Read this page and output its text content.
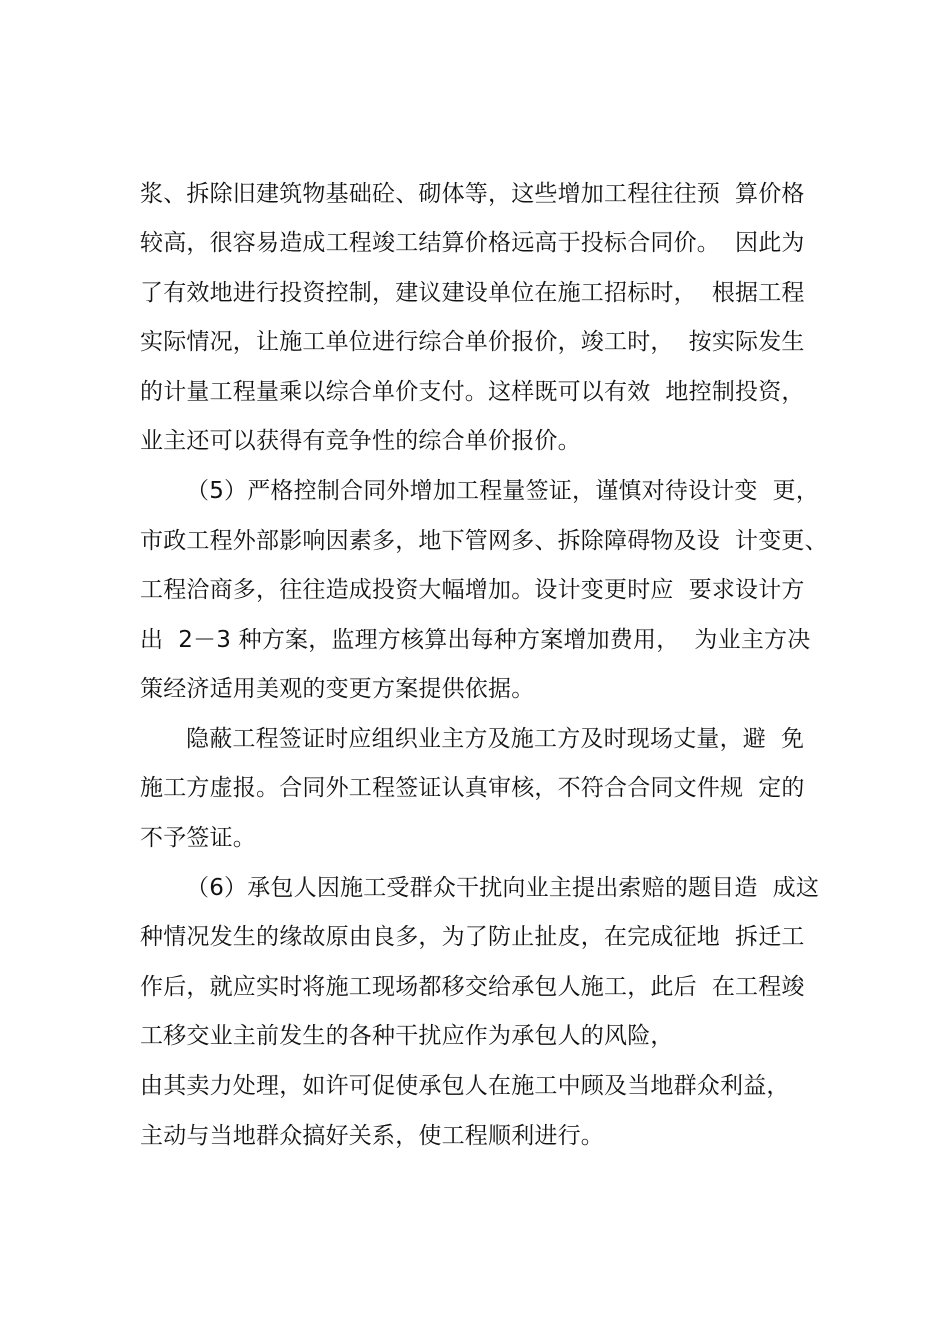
浆、拆除旧建筑物基础砼、砌体等，这些增加工程往往预  算价格
较高，很容易造成工程竣工结算价格远高于投标合同价。  因此为
了有效地进行投资控制，建议建设单位在施工招标时，  根据工程
实际情况，让施工单位进行综合单价报价，竣工时，  按实际发生
的计量工程量乘以综合单价支付。这样既可以有效  地控制投资，
业主还可以获得有竞争性的综合单价报价。
（5）严格控制合同外增加工程量签证，谨慎对待设计变  更，
市政工程外部影响因素多，地下管网多、拆除障碍物及设  计变更、
工程洽商多，往往造成投资大幅增加。设计变更时应  要求设计方
出  2－3 种方案，监理方核算出每种方案增加费用，  为业主方决
策经济适用美观的变更方案提供依据。
隐蔽工程签证时应组织业主方及施工方及时现场丈量，避  免
施工方虚报。合同外工程签证认真审核，不符合合同文件规  定的
不予签证。
（6）承包人因施工受群众干扰向业主提出索赔的题目造  成这
种情况发生的缘故原由良多，为了防止扯皮，在完成征地  拆迁工
作后，就应实时将施工现场都移交给承包人施工，此后  在工程竣
工移交业主前发生的各种干扰应作为承包人的风险，
由其卖力处理，如许可促使承包人在施工中顾及当地群众利益，
主动与当地群众搞好关系，使工程顺利进行。
